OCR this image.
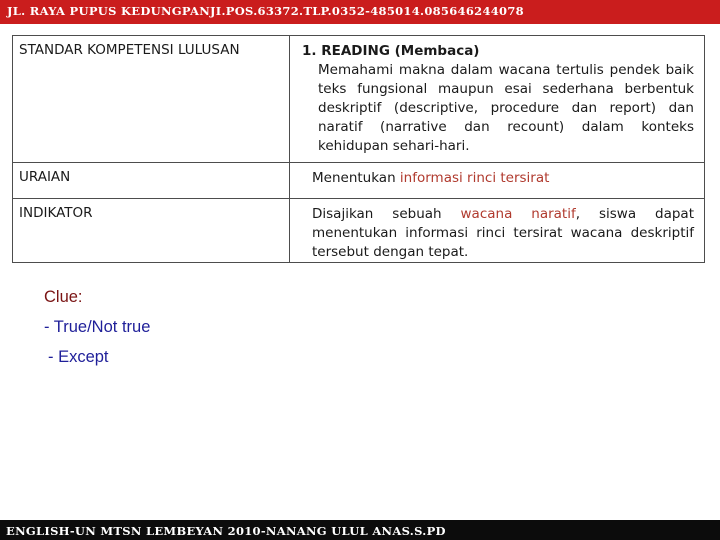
JL. RAYA PUPUS KEDUNGPANJI.POS.63372.TLP.0352-485014.085646244078
STANDAR KOMPETENSI LULUSAN	1. READING (Membaca)
Memahami makna dalam wacana tertulis pendek baik teks fungsional maupun esai sederhana berbentuk deskriptif (descriptive, procedure dan report) dan naratif (narrative dan recount) dalam konteks kehidupan sehari-hari.

URAIAN	Menentukan informasi rinci tersirat

INDIKATOR	Disajikan sebuah wacana naratif, siswa dapat menentukan informasi rinci tersirat wacana deskriptif tersebut dengan tepat.
Clue:
- True/Not true
- Except
ENGLISH-UN MTSN LEMBEYAN 2010-NANANG ULUL ANAS.S.PD
